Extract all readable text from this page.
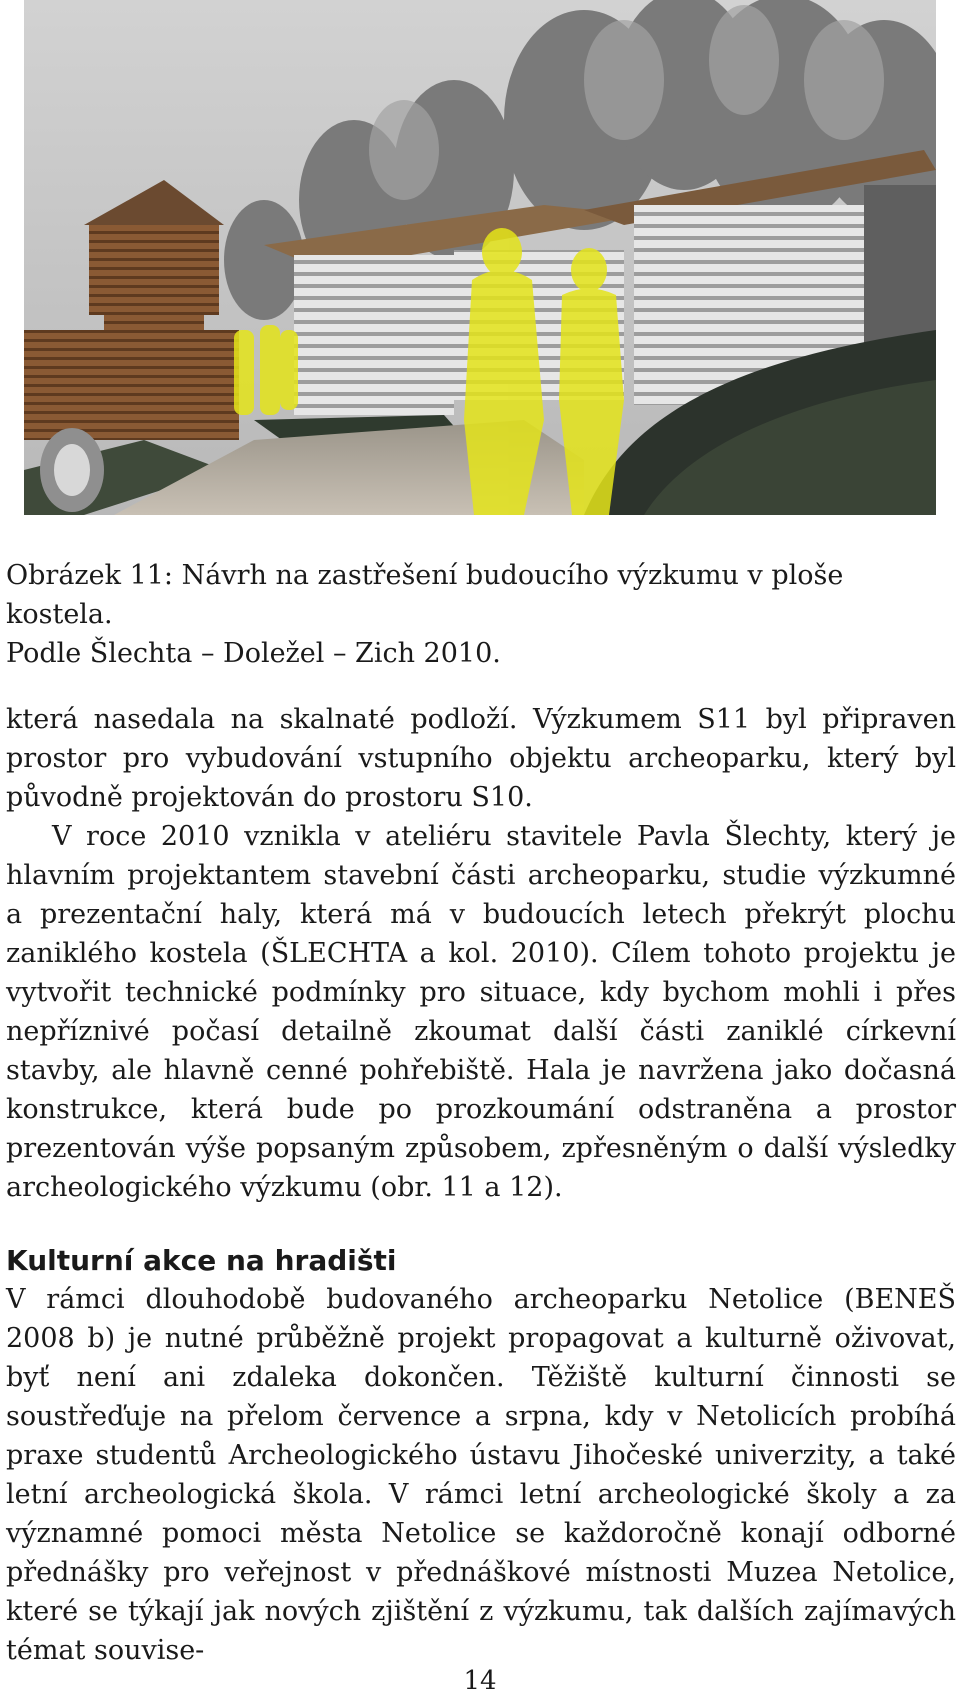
Obrázek 11: Návrh na zastřešení budoucího výzkumu v ploše kostela.
Podle Šlechta – Doležel – Zich 2010.

která nasedala na skalnaté podloží. Výzkumem S11 byl připraven prostor pro vybudování vstupního objektu archeoparku, který byl původně projektován do prostoru S10.

V roce 2010 vznikla v ateliéru stavitele Pavla Šlechty, který je hlavním projektantem stavební části archeoparku, studie výzkumné a prezentační haly, která má v budoucích letech překrýt plochu zaniklého kostela (ŠLECHTA a kol. 2010). Cílem tohoto projektu je vytvořit technické podmínky pro situace, kdy bychom mohli i přes nepříznivé počasí detailně zkoumat další části zaniklé církevní stavby, ale hlavně cenné pohřebiště. Hala je navržena jako dočasná konstrukce, která bude po prozkoumání odstraněna a prostor prezentován výše popsaným způsobem, zpřesněným o další výsledky archeologického výzkumu (obr. 11 a 12).

Kulturní akce na hradišti

V rámci dlouhodobě budovaného archeoparku Netolice (BENEŠ 2008 b) je nutné průběžně projekt propagovat a kulturně oživovat, byť není ani zdaleka dokončen. Těžiště kulturní činnosti se soustřeďuje na přelom července a srpna, kdy v Netolicích probíhá praxe studentů Archeologického ústavu Jihočeské univerzity, a také letní archeologická škola. V rámci letní archeologické školy a za významné pomoci města Netolice se každoročně konají odborné přednášky pro veřejnost v přednáškové místnosti Muzea Netolice, které se týkají jak nových zjištění z výzkumu, tak dalších zajímavých témat souvise-

14
